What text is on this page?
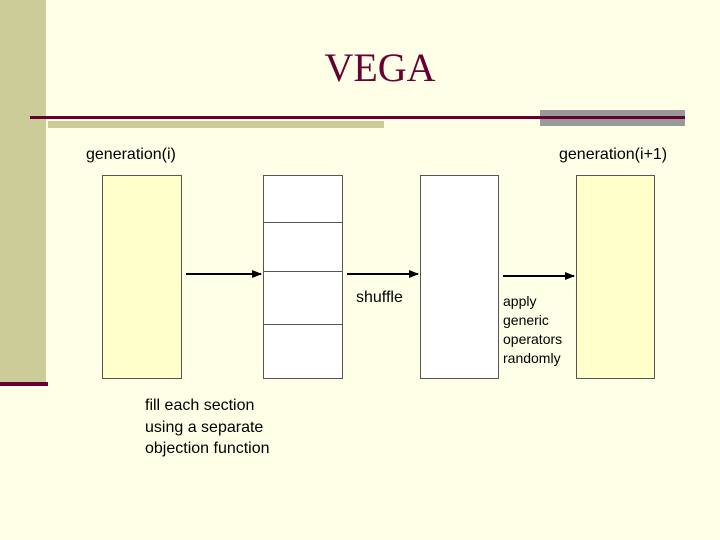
VEGA
generation(i)	generation(i+1)
shuffle	apply generic operators randomly
fill each section using a separate objection function
